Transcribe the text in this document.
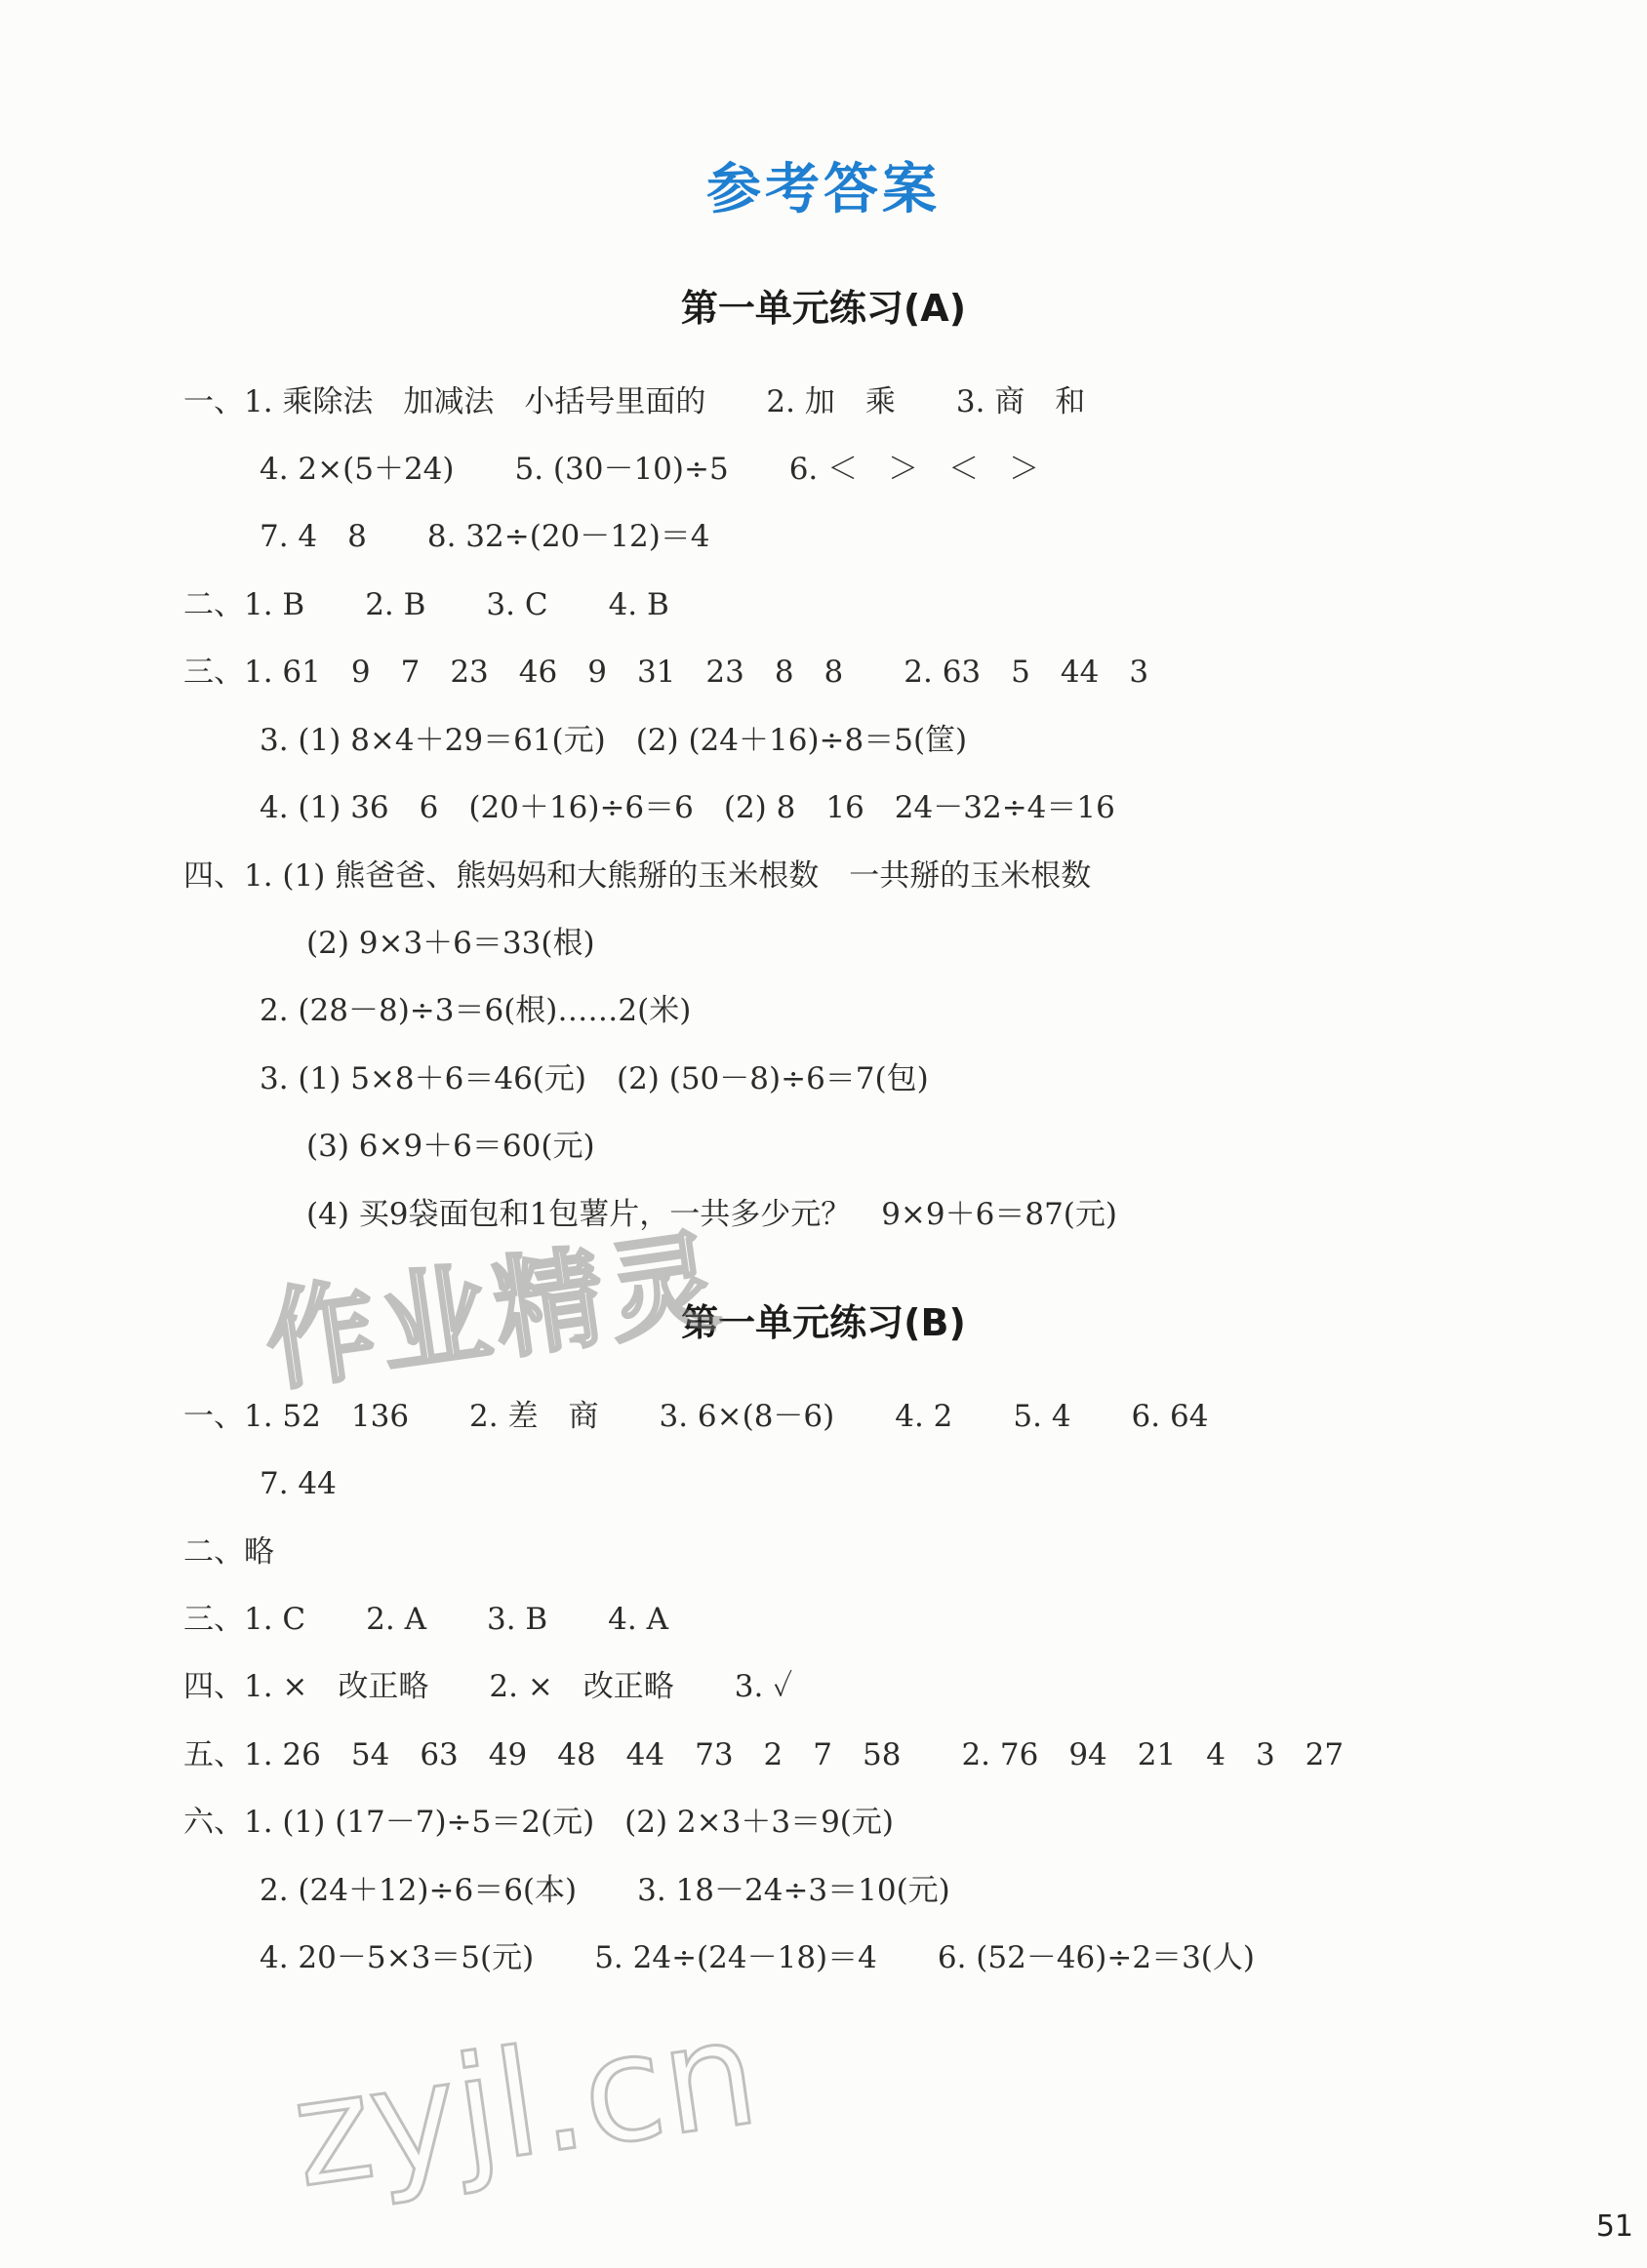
参考答案
第一单元练习(A)
一、1. 乘除法　加减法　小括号里面的　　2. 加　乘　　3. 商　和
4. 2×(5＋24)　　5. (30－10)÷5　　6. ＜　＞　＜　＞
7. 4　8　　8. 32÷(20－12)＝4
二、1. B　　2. B　　3. C　　4. B
三、1. 61　9　7　23　46　9　31　23　8　8　　2. 63　5　44　3
3. (1) 8×4＋29＝61(元)　(2) (24＋16)÷8＝5(筐)
4. (1) 36　6　(20＋16)÷6＝6　(2) 8　16　24－32÷4＝16
四、1. (1) 熊爸爸、熊妈妈和大熊掰的玉米根数　一共掰的玉米根数
(2) 9×3＋6＝33(根)
2. (28－8)÷3＝6(根)……2(米)
3. (1) 5×8＋6＝46(元)　(2) (50－8)÷6＝7(包)
(3) 6×9＋6＝60(元)
(4) 买9袋面包和1包薯片，一共多少元？　9×9＋6＝87(元)
第一单元练习(B)
一、1. 52　136　　2. 差　商　　3. 6×(8－6)　　4. 2　　5. 4　　6. 64
7. 44
二、略
三、1. C　　2. A　　3. B　　4. A
四、1. ×　改正略　　2. ×　改正略　　3. ✓
五、1. 26　54　63　49　48　44　73　2　7　58　　2. 76　94　21　4　3　27
六、1. (1) (17－7)÷5＝2(元)　(2) 2×3＋3＝9(元)
2. (24＋12)÷6＝6(本)　　3. 18－24÷3＝10(元)
4. 20－5×3＝5(元)　　5. 24÷(24－18)＝4　　6. (52－46)÷2＝3(人)
作业精灵
zyjl.cn
51
